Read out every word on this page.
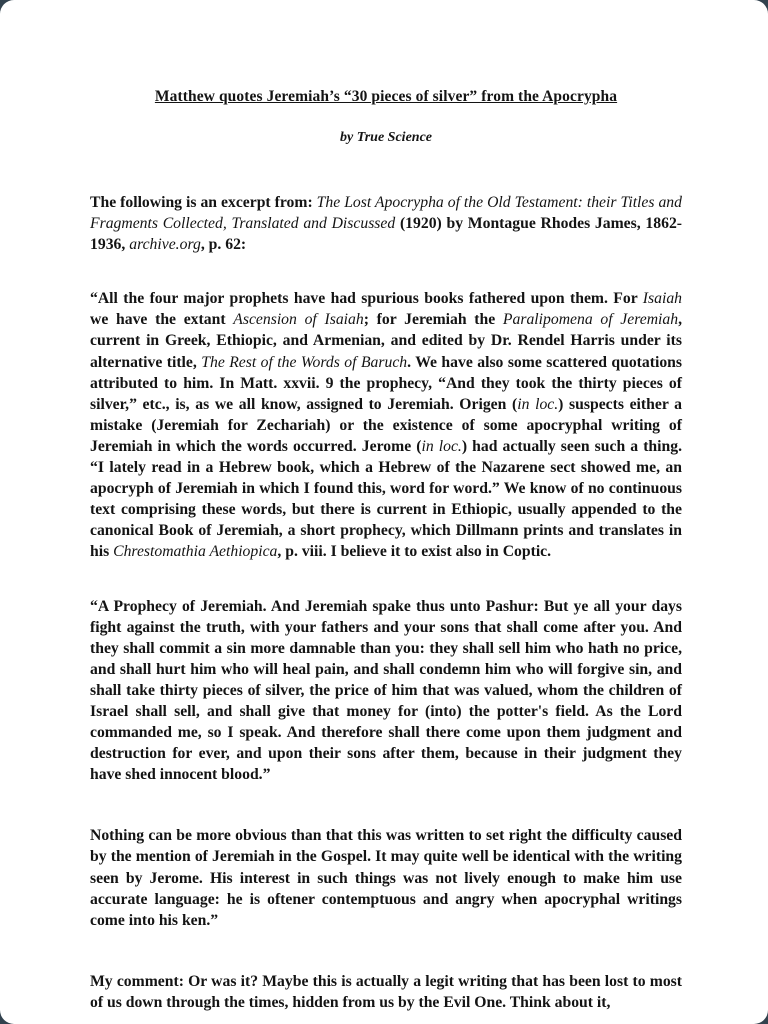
Matthew quotes Jeremiah’s “30 pieces of silver” from the Apocrypha
by True Science

The following is an excerpt from: The Lost Apocrypha of the Old Testament: their Titles and Fragments Collected, Translated and Discussed (1920) by Montague Rhodes James, 1862-1936, archive.org, p. 62:

“All the four major prophets have had spurious books fathered upon them. For Isaiah we have the extant Ascension of Isaiah; for Jeremiah the Paralipomena of Jeremiah, current in Greek, Ethiopic, and Armenian, and edited by Dr. Rendel Harris under its alternative title, The Rest of the Words of Baruch. We have also some scattered quotations attributed to him. In Matt. xxvii. 9 the prophecy, “And they took the thirty pieces of silver,” etc., is, as we all know, assigned to Jeremiah. Origen (in loc.) suspects either a mistake (Jeremiah for Zechariah) or the existence of some apocryphal writing of Jeremiah in which the words occurred. Jerome (in loc.) had actually seen such a thing. “I lately read in a Hebrew book, which a Hebrew of the Nazarene sect showed me, an apocryph of Jeremiah in which I found this, word for word.” We know of no continuous text comprising these words, but there is current in Ethiopic, usually appended to the canonical Book of Jeremiah, a short prophecy, which Dillmann prints and translates in his Chrestomathia Aethiopica, p. viii. I believe it to exist also in Coptic.

“A Prophecy of Jeremiah. And Jeremiah spake thus unto Pashur: But ye all your days fight against the truth, with your fathers and your sons that shall come after you. And they shall commit a sin more damnable than you: they shall sell him who hath no price, and shall hurt him who will heal pain, and shall condemn him who will forgive sin, and shall take thirty pieces of silver, the price of him that was valued, whom the children of Israel shall sell, and shall give that money for (into) the potter's field. As the Lord commanded me, so I speak. And therefore shall there come upon them judgment and destruction for ever, and upon their sons after them, because in their judgment they have shed innocent blood.”

Nothing can be more obvious than that this was written to set right the difficulty caused by the mention of Jeremiah in the Gospel. It may quite well be identical with the writing seen by Jerome. His interest in such things was not lively enough to make him use accurate language: he is oftener contemptuous and angry when apocryphal writings come into his ken.”

My comment: Or was it? Maybe this is actually a legit writing that has been lost to most of us down through the times, hidden from us by the Evil One. Think about it,
